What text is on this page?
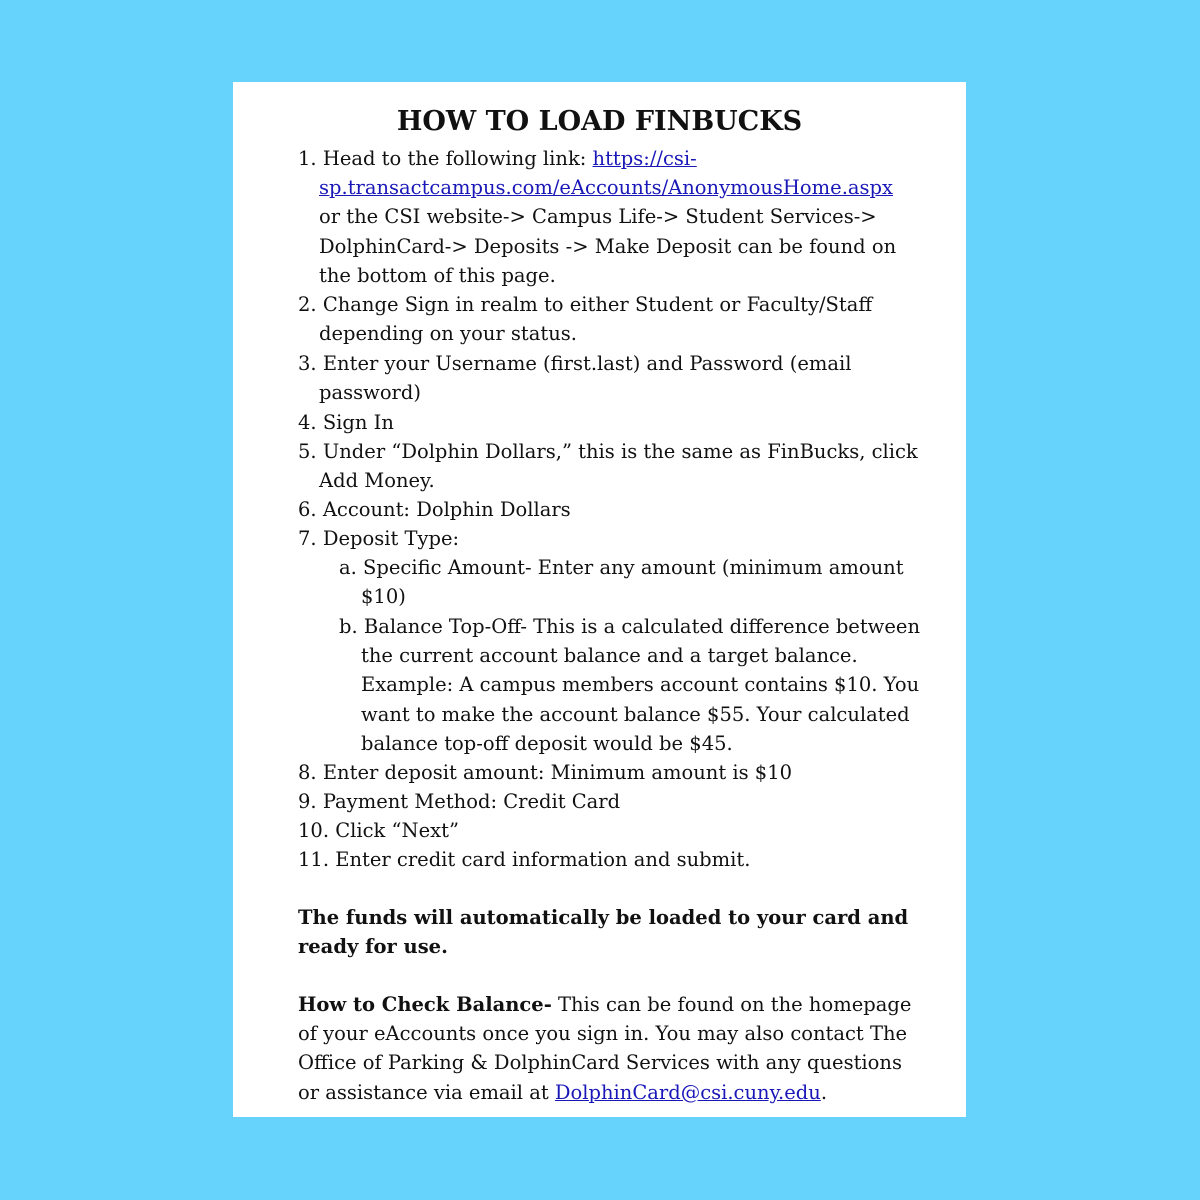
HOW TO LOAD FINBUCKS
1. Head to the following link: https://csi-
sp.transactcampus.com/eAccounts/AnonymousHome.aspx
or the CSI website-> Campus Life-> Student Services->
DolphinCard-> Deposits -> Make Deposit can be found on
the bottom of this page.
2. Change Sign in realm to either Student or Faculty/Staff
depending on your status.
3. Enter your Username (first.last) and Password (email
password)
4. Sign In
5. Under “Dolphin Dollars,” this is the same as FinBucks, click
Add Money.
6. Account: Dolphin Dollars
7. Deposit Type:
a. Specific Amount- Enter any amount (minimum amount
$10)
b. Balance Top-Off- This is a calculated difference between
the current account balance and a target balance.
Example: A campus members account contains $10. You
want to make the account balance $55. Your calculated
balance top-off deposit would be $45.
8. Enter deposit amount: Minimum amount is $10
9. Payment Method: Credit Card
10. Click “Next”
11. Enter credit card information and submit.
The funds will automatically be loaded to your card and
ready for use.
How to Check Balance- This can be found on the homepage
of your eAccounts once you sign in. You may also contact The
Office of Parking & DolphinCard Services with any questions
or assistance via email at DolphinCard@csi.cuny.edu.
